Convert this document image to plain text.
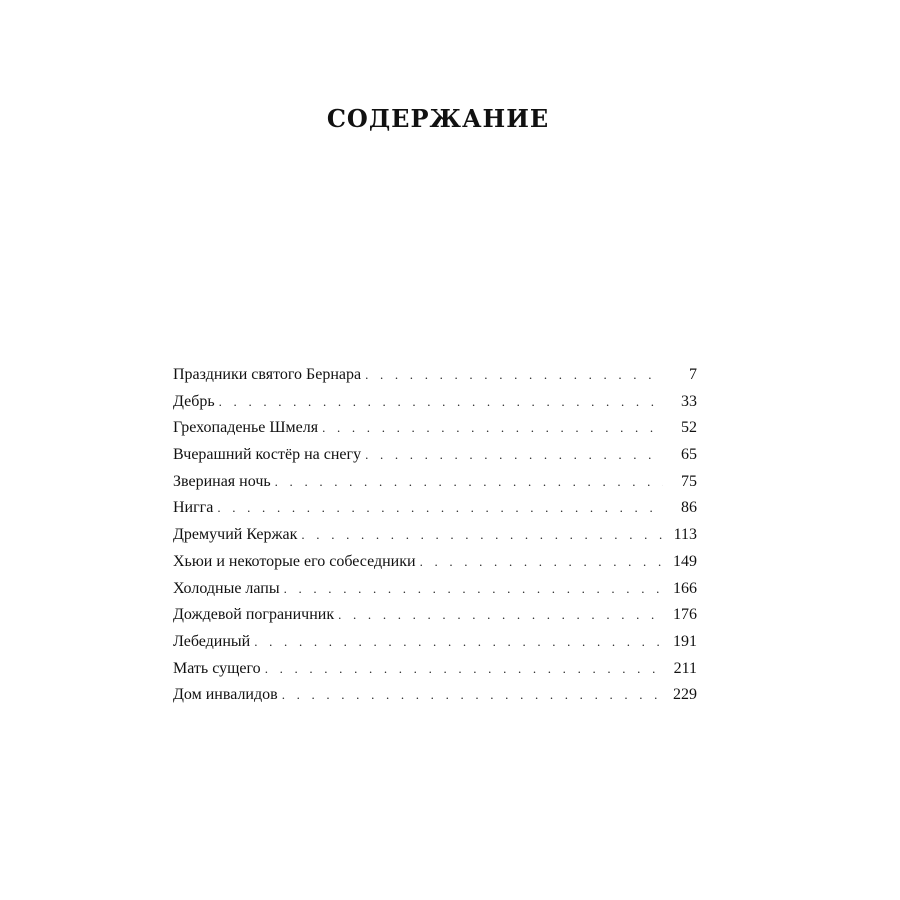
СОДЕРЖАНИЕ
Праздники святого Бернара . . .	7
Дебрь . . .	33
Грехопаденье Шмеля . . .	52
Вчерашний костёр на снегу . . .	65
Звериная ночь . . .	75
Нигга . . .	86
Дремучий Кержак . . .	113
Хьюи и некоторые его собеседники . . .	149
Холодные лапы . . .	166
Дождевой пограничник . . .	176
Лебединый . . .	191
Мать сущего . . .	211
Дом инвалидов . . .	229
